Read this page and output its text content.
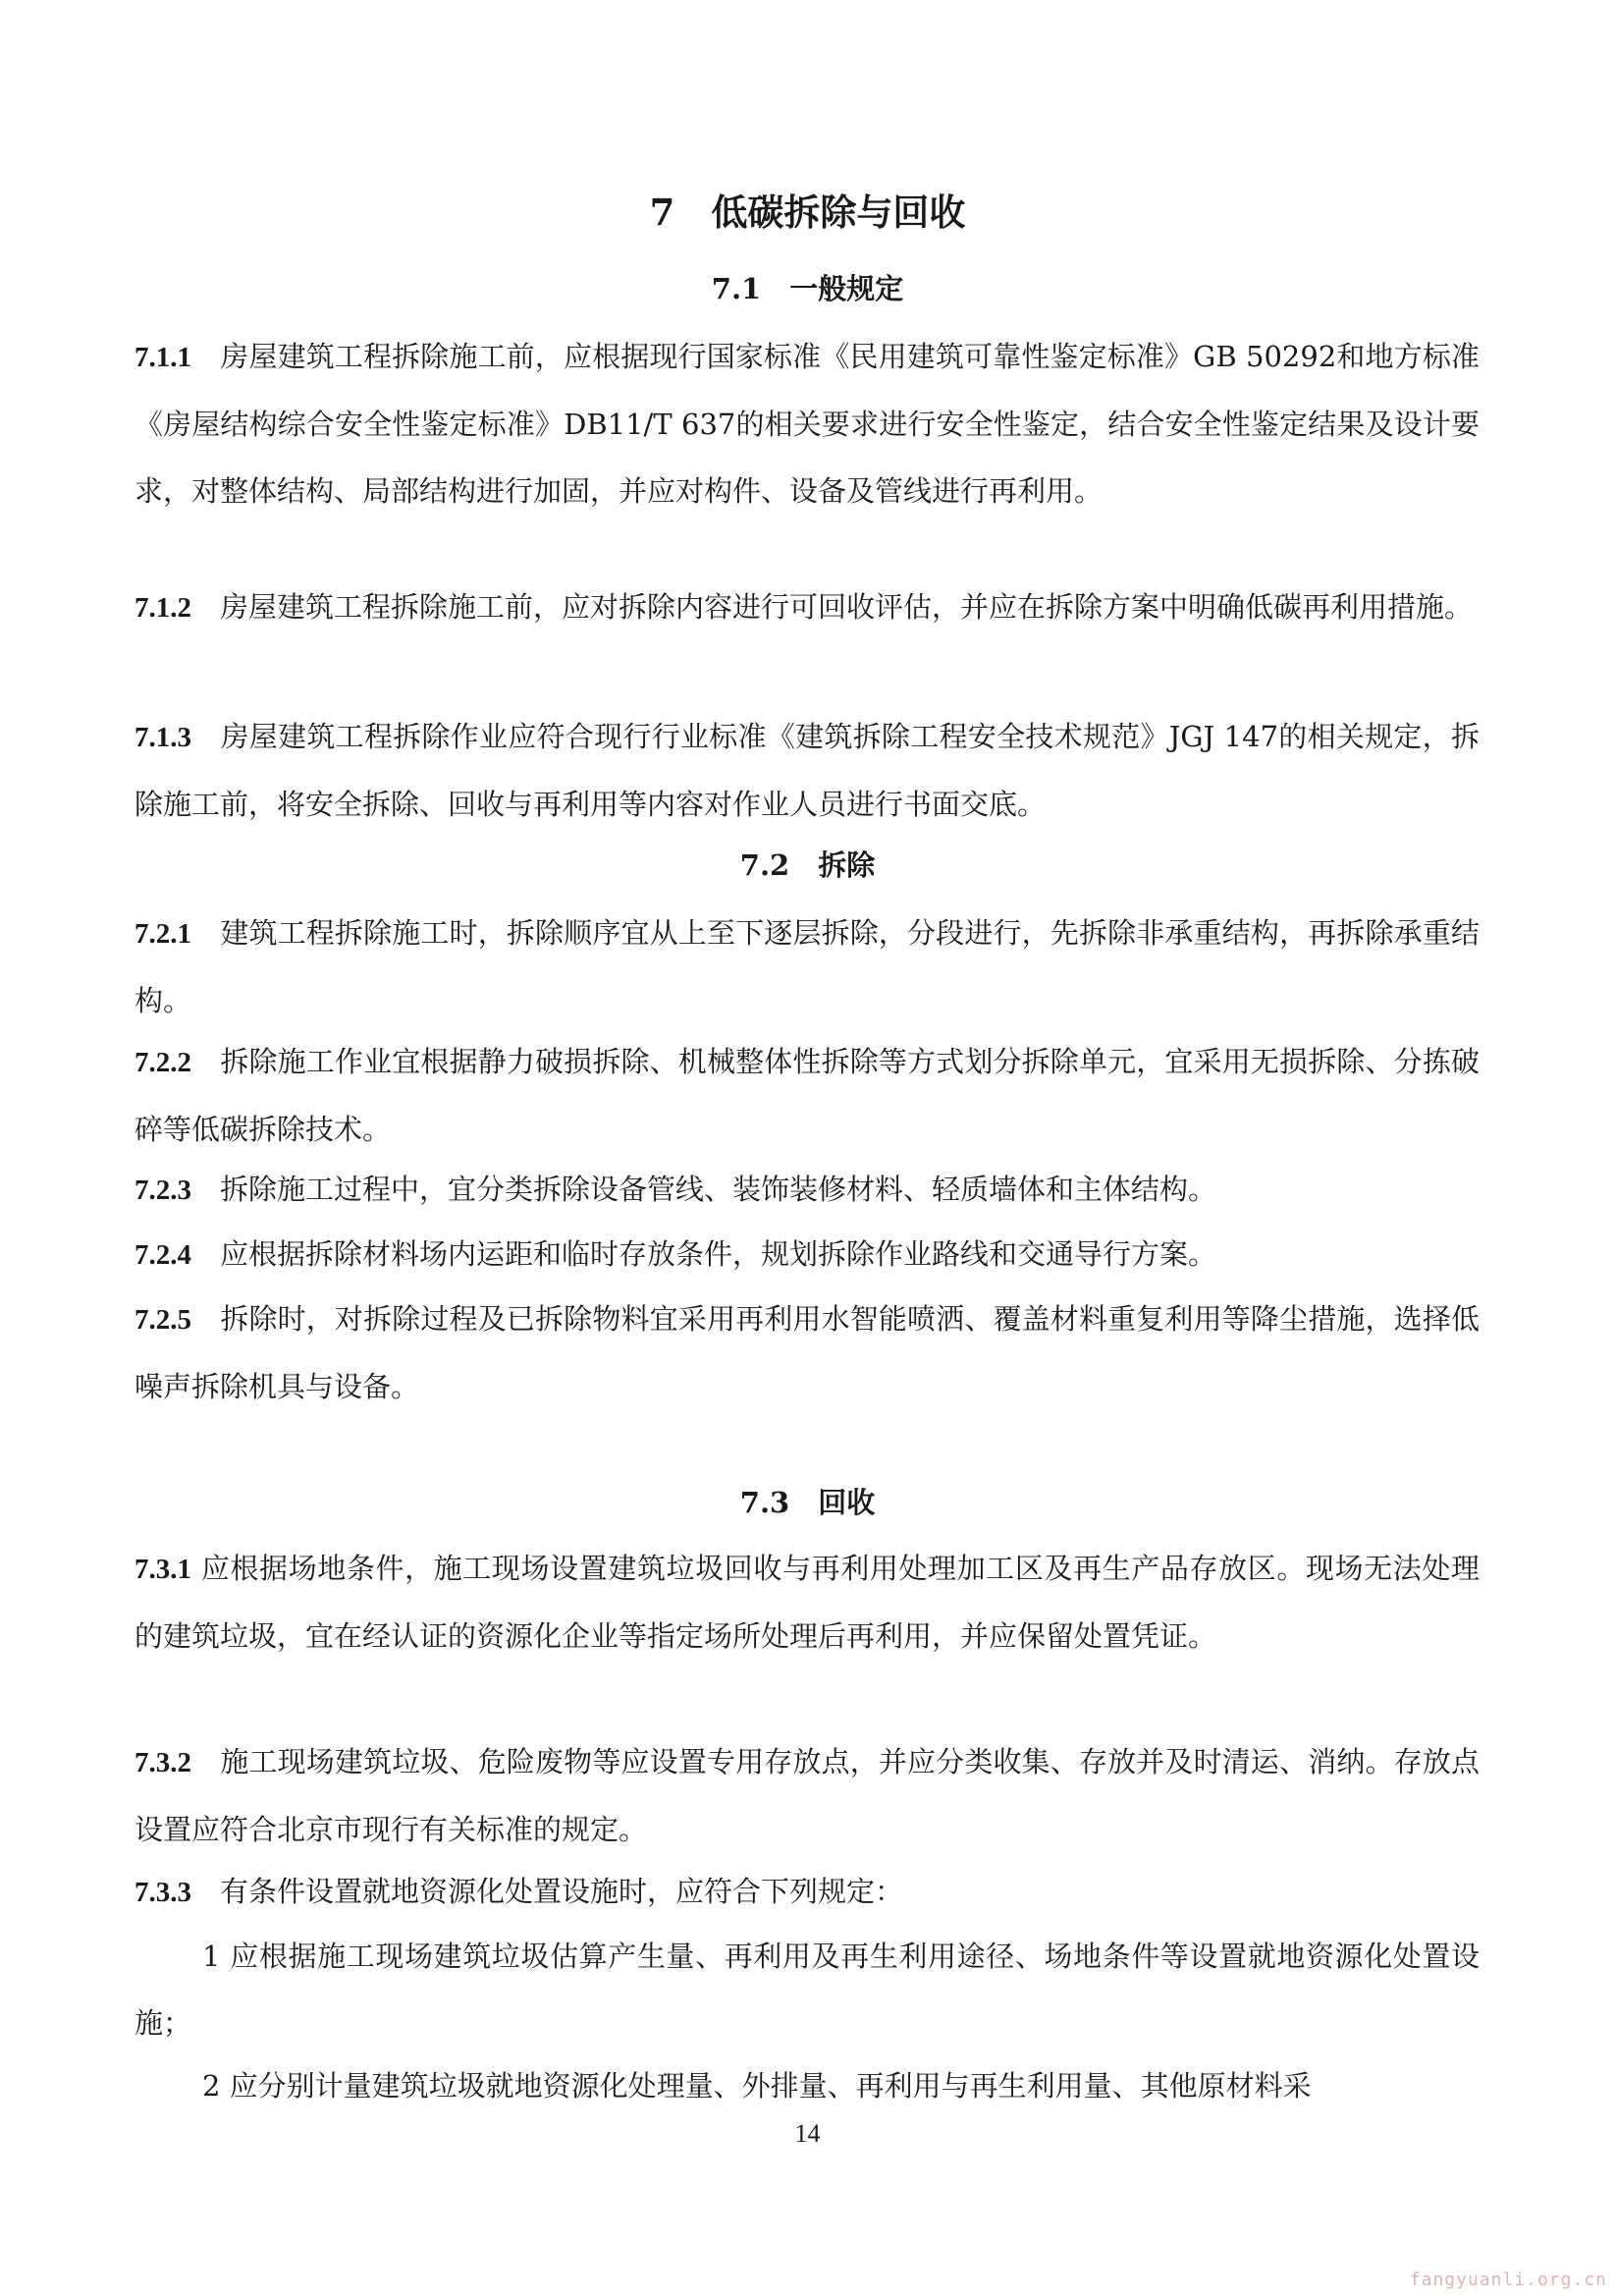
7　低碳拆除与回收
7.1　一般规定
7.1.1　 房屋建筑工程拆除施工前，应根据现行国家标准《民用建筑可靠性鉴定标准》GB 50292和地方标准《房屋结构综合安全性鉴定标准》DB11/T 637的相关要求进行安全性鉴定，结合安全性鉴定结果及设计要求，对整体结构、局部结构进行加固，并应对构件、设备及管线进行再利用。
7.1.2　 房屋建筑工程拆除施工前，应对拆除内容进行可回收评估，并应在拆除方案中明确低碳再利用措施。
7.1.3　 房屋建筑工程拆除作业应符合现行行业标准《建筑拆除工程安全技术规范》JGJ 147的相关规定，拆除施工前，将安全拆除、回收与再利用等内容对作业人员进行书面交底。
7.2　拆除
7.2.1　 建筑工程拆除施工时，拆除顺序宜从上至下逐层拆除，分段进行，先拆除非承重结构，再拆除承重结构。
7.2.2　 拆除施工作业宜根据静力破损拆除、机械整体性拆除等方式划分拆除单元，宜采用无损拆除、分拣破碎等低碳拆除技术。
7.2.3　 拆除施工过程中，宜分类拆除设备管线、装饰装修材料、轻质墙体和主体结构。
7.2.4　 应根据拆除材料场内运距和临时存放条件，规划拆除作业路线和交通导行方案。
7.2.5　 拆除时，对拆除过程及已拆除物料宜采用再利用水智能喷洒、覆盖材料重复利用等降尘措施，选择低噪声拆除机具与设备。
7.3　回收
7.3.1 应根据场地条件，施工现场设置建筑垃圾回收与再利用处理加工区及再生产品存放区。现场无法处理的建筑垃圾，宜在经认证的资源化企业等指定场所处理后再利用，并应保留处置凭证。
7.3.2　 施工现场建筑垃圾、危险废物等应设置专用存放点，并应分类收集、存放并及时清运、消纳。存放点设置应符合北京市现行有关标准的规定。
7.3.3　 有条件设置就地资源化处置设施时，应符合下列规定：
1 应根据施工现场建筑垃圾估算产生量、再利用及再生利用途径、场地条件等设置就地资源化处置设施；
2 应分别计量建筑垃圾就地资源化处理量、外排量、再利用与再生利用量、其他原材料采
14
fangyuanli.org.cn
